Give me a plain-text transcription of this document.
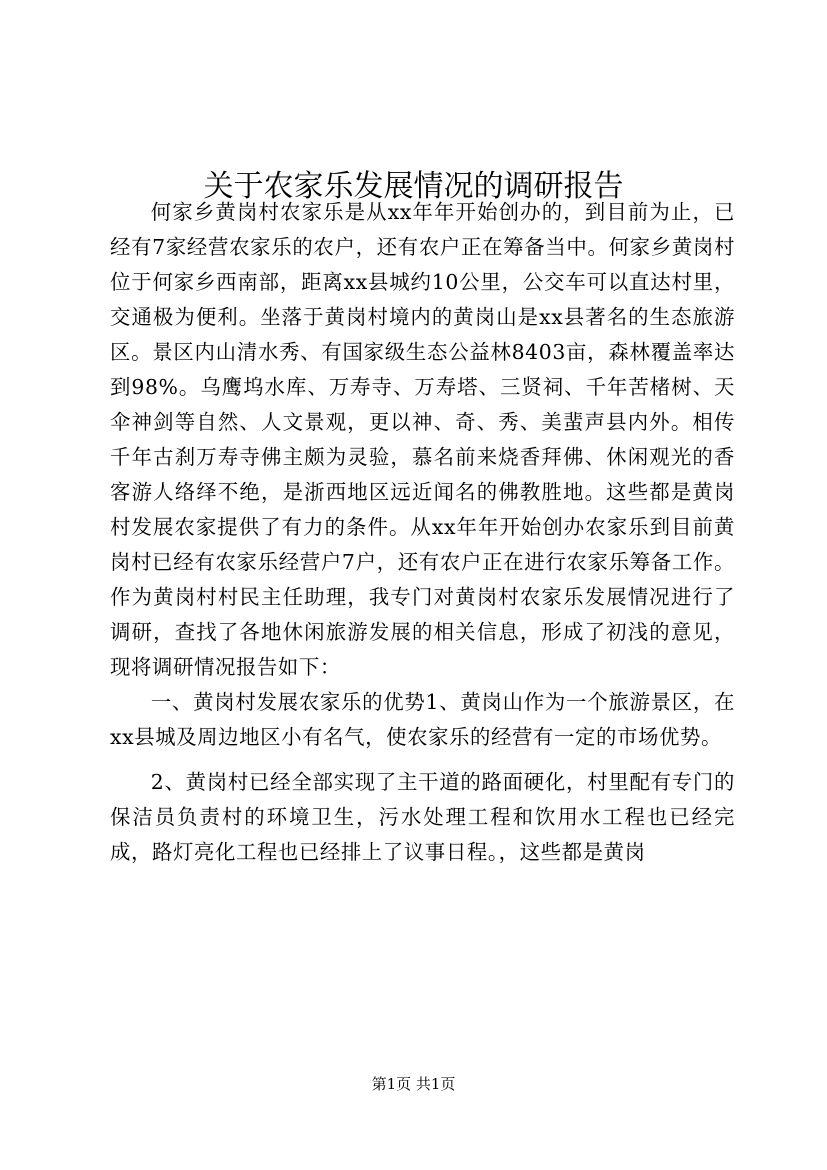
关于农家乐发展情况的调研报告

何家乡黄岗村农家乐是从xx年年开始创办的，到目前为止，已经有7家经营农家乐的农户，还有农户正在筹备当中。何家乡黄岗村位于何家乡西南部，距离xx县城约10公里，公交车可以直达村里，交通极为便利。坐落于黄岗村境内的黄岗山是xx县著名的生态旅游区。景区内山清水秀、有国家级生态公益林8403亩，森林覆盖率达到98%。乌鹰坞水库、万寿寺、万寿塔、三贤祠、千年苦楮树、天伞神剑等自然、人文景观，更以神、奇、秀、美蜚声县内外。相传千年古刹万寿寺佛主颇为灵验，慕名前来烧香拜佛、休闲观光的香客游人络绎不绝，是浙西地区远近闻名的佛教胜地。这些都是黄岗村发展农家提供了有力的条件。从xx年年开始创办农家乐到目前黄岗村已经有农家乐经营户7户，还有农户正在进行农家乐筹备工作。作为黄岗村村民主任助理，我专门对黄岗村农家乐发展情况进行了调研，查找了各地休闲旅游发展的相关信息，形成了初浅的意见，现将调研情况报告如下：

一、黄岗村发展农家乐的优势1、黄岗山作为一个旅游景区，在xx县城及周边地区小有名气，使农家乐的经营有一定的市场优势。

2、黄岗村已经全部实现了主干道的路面硬化，村里配有专门的保洁员负责村的环境卫生，污水处理工程和饮用水工程也已经完成，路灯亮化工程也已经排上了议事日程。，这些都是黄岗

第1页 共1页
